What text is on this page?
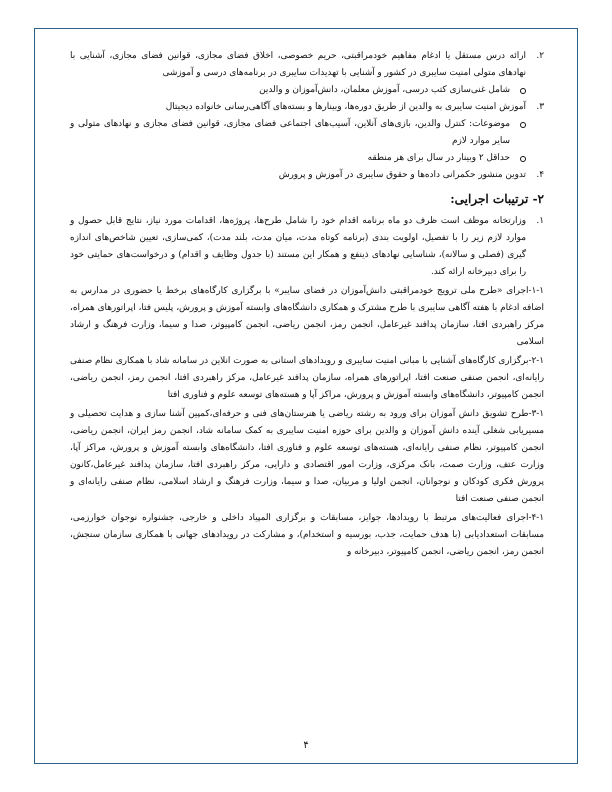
۲.
ارائه درس مستقل یا ادغام مفاهیم خودمراقبتی، حریم خصوصی، اخلاق فضای مجازی، قوانین فضای مجازی، آشنایی با نهادهای متولی امنیت سایبری در کشور و آشنایی با تهدیدات سایبری در برنامه‌های درسی و آموزشی
شامل غنی‌سازی کتب درسی، آموزش معلمان، دانش‌آموزان و والدین
۳.
آموزش امنیت سایبری به والدین از طریق دوره‌ها، وبینارها و بسته‌های آگاهی‌رسانی خانواده دیجیتال
موضوعات: کنترل والدین، بازی‌های آنلاین، آسیب‌های اجتماعی فضای مجازی، قوانین فضای مجازی و نهادهای متولی و سایر موارد لازم
حداقل ۲ وبینار در سال برای هر منطقه
۴.
تدوین منشور حکمرانی داده‌ها و حقوق سایبری در آموزش و پرورش
۲- ترتیبات اجرایی:
۱.
وزارتخانه موظف است ظرف دو ماه برنامه اقدام خود را شامل طرح‌ها، پروژه‌ها، اقدامات مورد نیاز، نتایج قابل حصول و موارد لازم زیر را با تفصیل، اولویت بندی (برنامه کوتاه مدت، میان مدت، بلند مدت)، کمی‌سازی، تعیین شاخص‌های اندازه گیری (فصلی و سالانه)، شناسایی نهادهای ذینفع و همکار این مستند (با جدول وظایف و اقدام) و درخواست‌های حمایتی خود را برای دبیرخانه ارائه کند.
۱-۱-اجرای «طرح ملی ترویج خودمراقبتی دانش‌آموزان در فضای سایبر» با برگزاری کارگاه‌های برخط یا حضوری در مدارس به اضافه ادغام با هفته آگاهی سایبری با طرح مشترک و همکاری دانشگاه‌های وابسته آموزش و پرورش، پلیس فتا، اپراتورهای همراه، مرکز راهبردی افتا، سازمان پدافند غیرعامل، انجمن رمز، انجمن ریاضی، انجمن کامپیوتر، صدا و سیما، وزارت فرهنگ و ارشاد اسلامی
۲-۱-برگزاری کارگاه‌های آشنایی با مبانی امنیت سایبری و رویدادهای استانی به صورت انلاین در سامانه شاد با همکاری نظام صنفی رایانه‌ای، انجمن صنفی صنعت افتا، اپراتورهای همراه، سازمان پدافند غیرعامل، مرکز راهبردی افتا، انجمن رمز، انجمن ریاضی، انجمن کامپیوتر، دانشگاه‌های وابسته آموزش و پرورش، مراکز آپا و هسته‌های توسعه علوم و فناوری افتا
۳-۱-طرح تشویق دانش آموزان برای ورود به رشته ریاضی یا هنرستان‌های فنی و حرفه‌ای،کمپین آشنا سازی و هدایت تحصیلی و مسیریابی شغلی آینده دانش آموزان و والدین برای حوزه امنیت سایبری به کمک سامانه شاد، انجمن رمز ایران، انجمن ریاضی، انجمن کامپیوتر، نظام صنفی رایانه‌ای، هسته‌های توسعه علوم و فناوری افتا، دانشگاه‌های وابسته آموزش و پرورش، مراکز آپا، وزارت عتف، وزارت صمت، بانک مرکزی، وزارت امور اقتصادی و دارایی، مرکز راهبردی افتا، سازمان پدافند غیرعامل،کانون پرورش فکری کودکان و نوجوانان، انجمن اولیا و مربیان، صدا و سیما، وزارت فرهنگ و ارشاد اسلامی، نظام صنفی رایانه‌ای و انجمن صنفی صنعت افتا
۴-۱-اجرای فعالیت‌های مرتبط با رویدادها، جوایز، مسابقات و برگزاری المپیاد داخلی و خارجی، جشنواره نوجوان خوارزمی، مسابقات استعدادیابی (با هدف حمایت، جذب، بورسیه و استخدام)، و مشارکت در رویدادهای جهانی با همکاری سازمان سنجش، انجمن رمز، انجمن ریاضی، انجمن کامپیوتر، دبیرخانه و
۴
